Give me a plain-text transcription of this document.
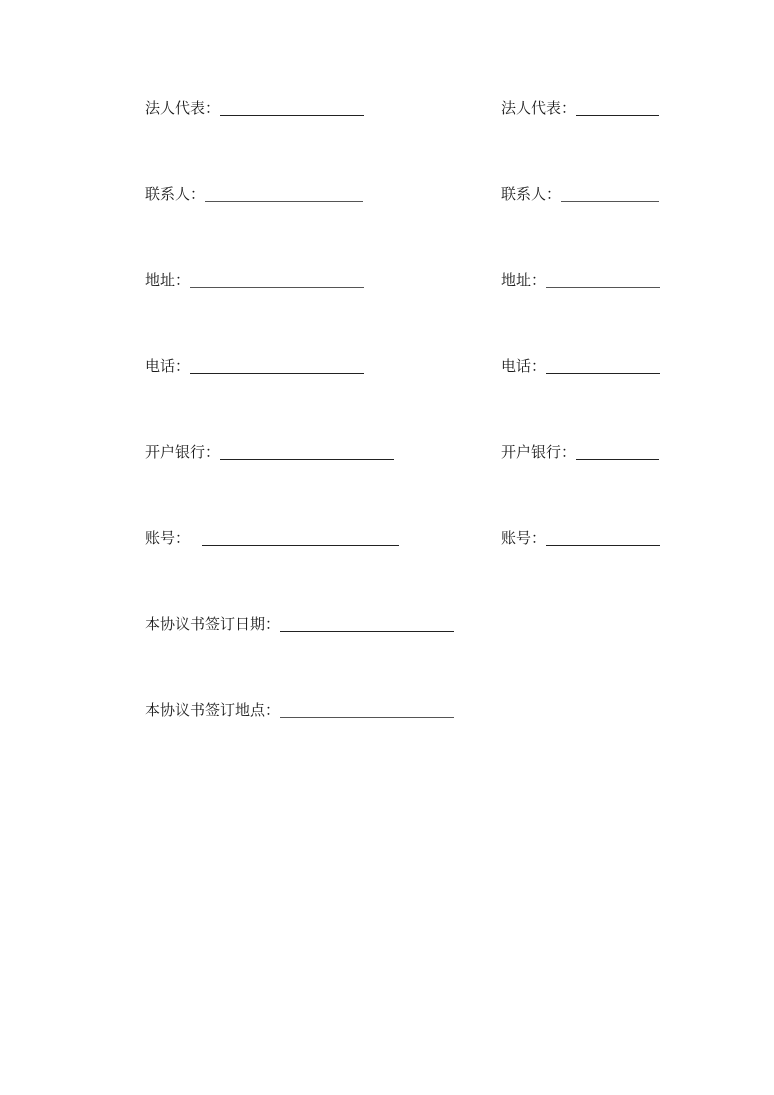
法人代表：
联系人：
地址：
电话：
开户银行：
账号：
法人代表：
联系人：
地址：
电话：
开户银行：
账号：
本协议书签订日期：
本协议书签订地点：
